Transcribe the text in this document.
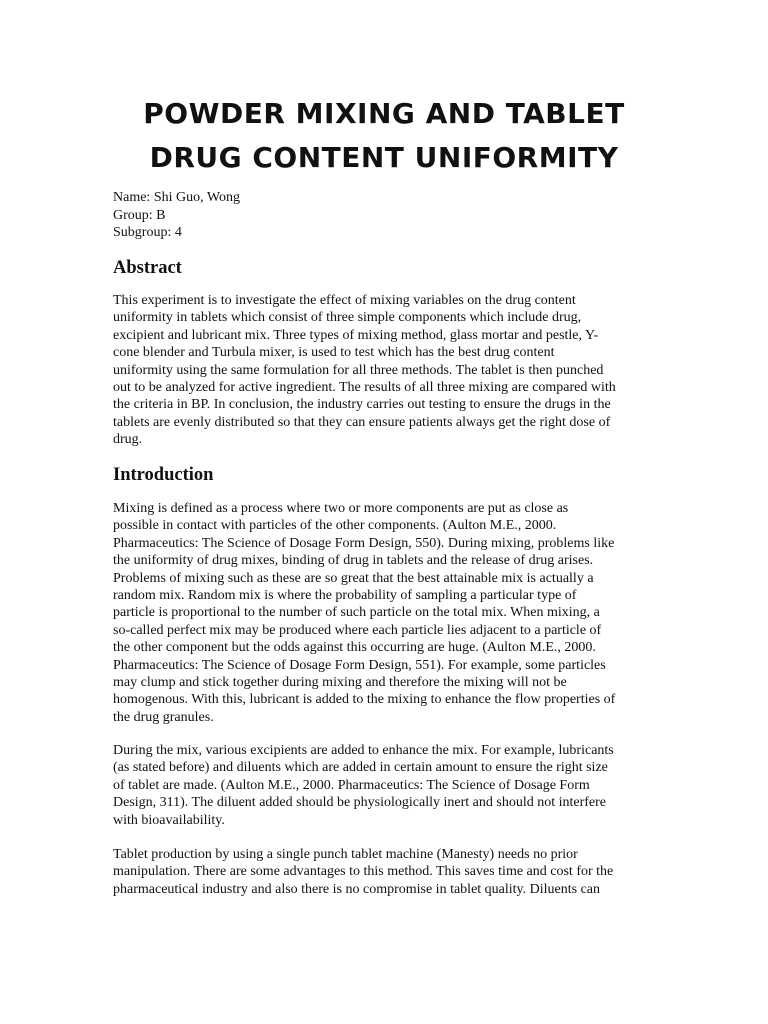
POWDER MIXING AND TABLET
DRUG CONTENT UNIFORMITY
Name: Shi Guo, Wong
Group: B
Subgroup: 4
Abstract
This experiment is to investigate the effect of mixing variables on the drug content
uniformity in tablets which consist of three simple components which include drug,
excipient and lubricant mix. Three types of mixing method, glass mortar and pestle, Y-
cone blender and Turbula mixer, is used to test which has the best drug content
uniformity using the same formulation for all three methods. The tablet is then punched
out to be analyzed for active ingredient. The results of all three mixing are compared with
the criteria in BP. In conclusion, the industry carries out testing to ensure the drugs in the
tablets are evenly distributed so that they can ensure patients always get the right dose of
drug.
Introduction
Mixing is defined as a process where two or more components are put as close as
possible in contact with particles of the other components. (Aulton M.E., 2000.
Pharmaceutics: The Science of Dosage Form Design, 550). During mixing, problems like
the uniformity of drug mixes, binding of drug in tablets and the release of drug arises.
Problems of mixing such as these are so great that the best attainable mix is actually a
random mix. Random mix is where the probability of sampling a particular type of
particle is proportional to the number of such particle on the total mix. When mixing, a
so-called perfect mix may be produced where each particle lies adjacent to a particle of
the other component but the odds against this occurring are huge. (Aulton M.E., 2000.
Pharmaceutics: The Science of Dosage Form Design, 551). For example, some particles
may clump and stick together during mixing and therefore the mixing will not be
homogenous. With this, lubricant is added to the mixing to enhance the flow properties of
the drug granules.
During the mix, various excipients are added to enhance the mix. For example, lubricants
(as stated before) and diluents which are added in certain amount to ensure the right size
of tablet are made. (Aulton M.E., 2000. Pharmaceutics: The Science of Dosage Form
Design, 311). The diluent added should be physiologically inert and should not interfere
with bioavailability.
Tablet production by using a single punch tablet machine (Manesty) needs no prior
manipulation. There are some advantages to this method. This saves time and cost for the
pharmaceutical industry and also there is no compromise in tablet quality. Diluents can
